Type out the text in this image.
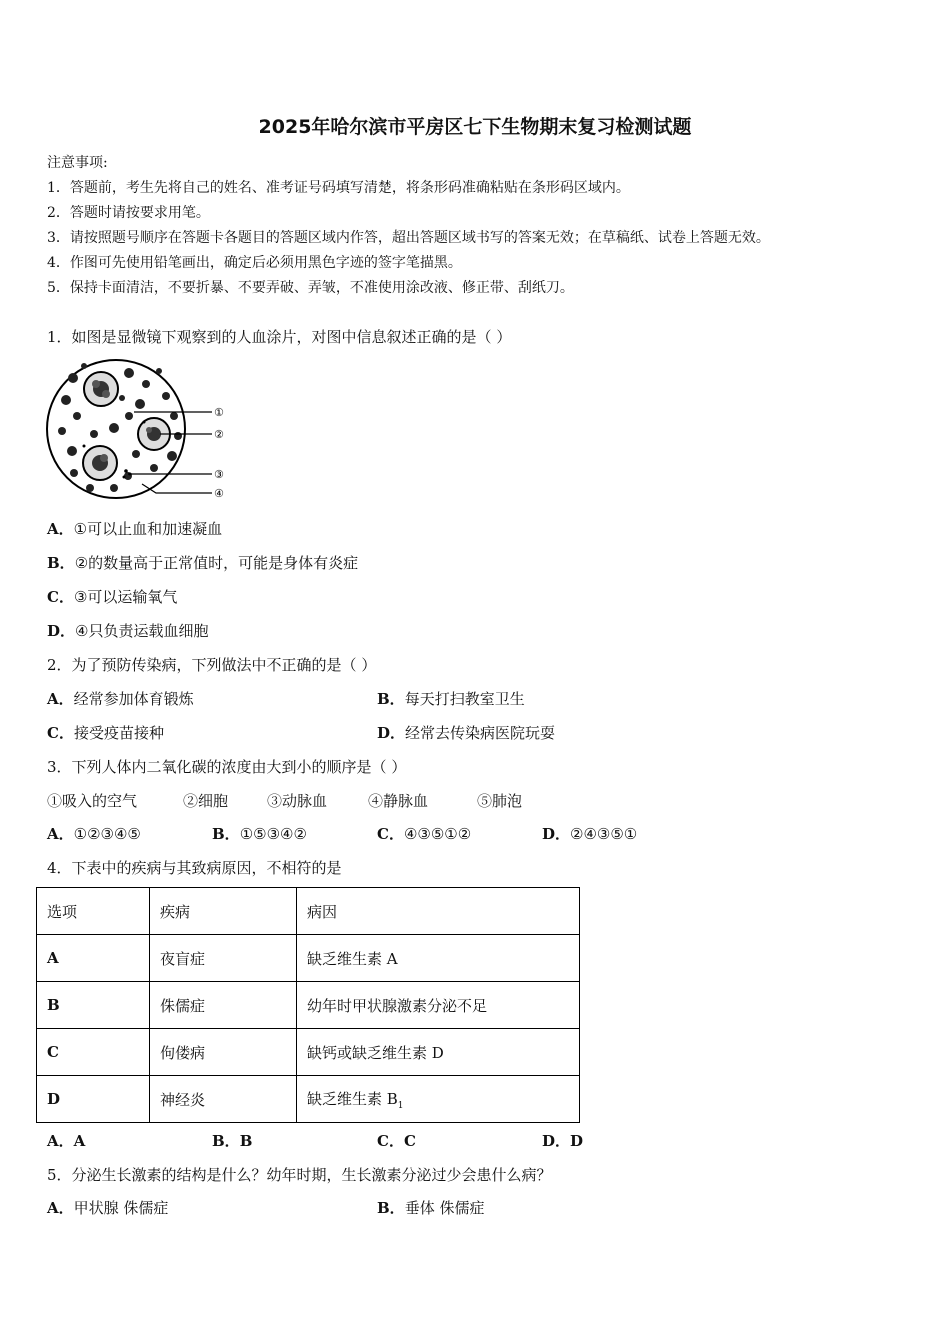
2025年哈尔滨市平房区七下生物期末复习检测试题
注意事项:
1．答题前，考生先将自己的姓名、准考证号码填写清楚，将条形码准确粘贴在条形码区域内。
2．答题时请按要求用笔。
3．请按照题号顺序在答题卡各题目的答题区域内作答，超出答题区域书写的答案无效；在草稿纸、试卷上答题无效。
4．作图可先使用铅笔画出，确定后必须用黑色字迹的签字笔描黑。
5．保持卡面清洁，不要折暴、不要弄破、弄皱，不准使用涂改液、修正带、刮纸刀。
1．如图是显微镜下观察到的人血涂片，对图中信息叙述正确的是（ ）
①
②
③
④
A．①可以止血和加速凝血
B．②的数量高于正常值时，可能是身体有炎症
C．③可以运输氧气
D．④只负责运载血细胞
2．为了预防传染病，下列做法中不正确的是（ ）
A．经常参加体育锻炼	B．每天打扫教室卫生
C．接受疫苗接种	D．经常去传染病医院玩耍
3．下列人体内二氧化碳的浓度由大到小的顺序是（ ）
①吸入的空气	②细胞	③动脉血	④静脉血	⑤肺泡
A．①②③④⑤	B．①⑤③④②	C．④③⑤①②	D．②④③⑤①
4．下表中的疾病与其致病原因，不相符的是
选项	疾病	病因
A	夜盲症	缺乏维生素 A
B	侏儒症	幼年时甲状腺激素分泌不足
C	佝偻病	缺钙或缺乏维生素 D
D	神经炎	缺乏维生素 $B_1$
A．A	B．B	C．C	D．D
5．分泌生长激素的结构是什么？幼年时期，生长激素分泌过少会患什么病？
A．甲状腺 侏儒症	B．垂体 侏儒症
